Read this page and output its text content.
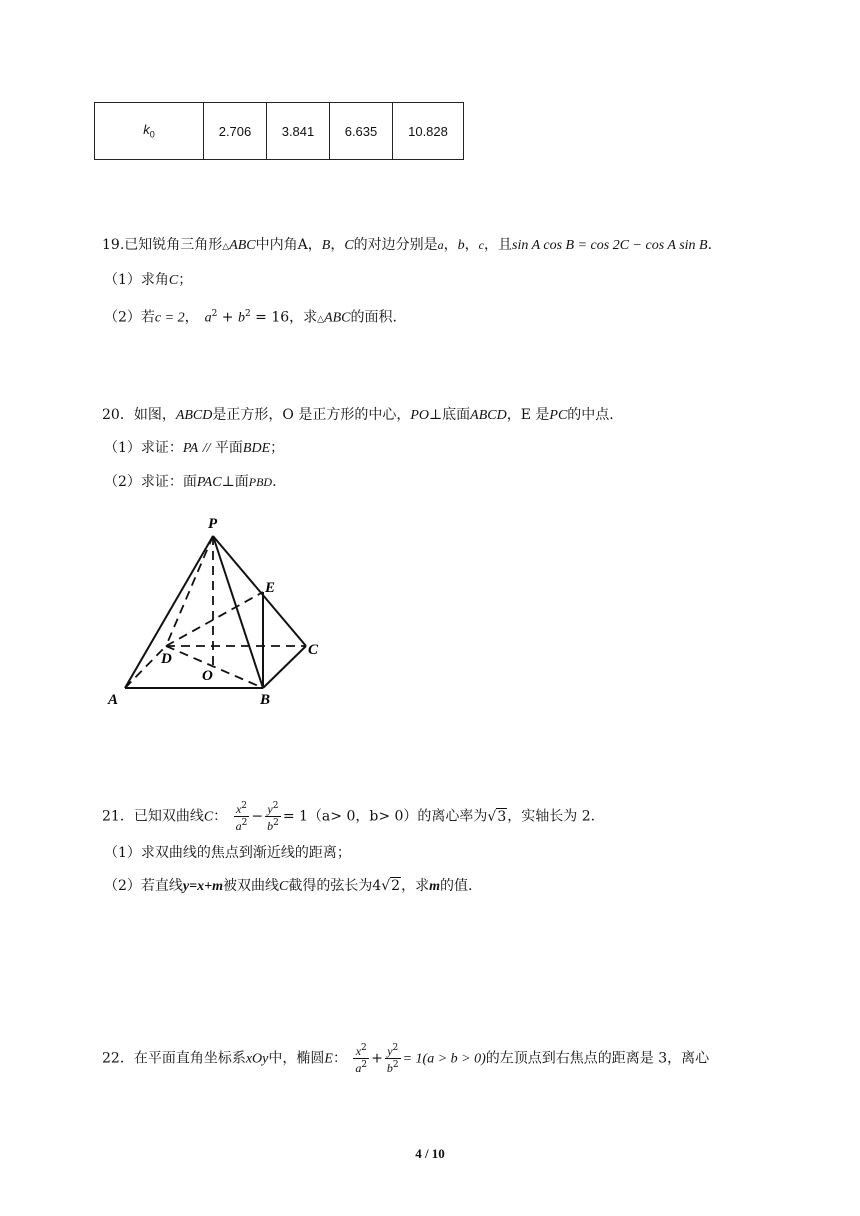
$k_0$	2.706	3.841	6.635	10.828
19.已知锐角三角形△ABC中内角A，B，C的对边分别是a，b，c，且sin A cos B = cos 2C − cos A sin B.
（1）求角C；
（2）若c = 2， $a^2 + b^2 = 16$，求△ABC的面积.
20．如图，ABCD是正方形，O 是正方形的中心，PO⊥底面ABCD，E 是PC的中点.
（1）求证：PA // 平面BDE；
（2）求证：面PAC⊥面PBD.
P
E
C
D
O
A	B
21．已知双曲线C： $\frac{x^2}{a^2} - \frac{y^2}{b^2} = 1(a> 0$，b> 0）的离心率为√3，实轴长为 2.
（1）求双曲线的焦点到渐近线的距离；
（2）若直线y=x+m被双曲线C截得的弦长为4√2，求m的值.
22．在平面直角坐标系xOy中，椭圆E： $\frac{x^2}{a^2} + \frac{y^2}{b^2} = 1(a > b > 0)$的左顶点到右焦点的距离是 3，离心
4 / 10
